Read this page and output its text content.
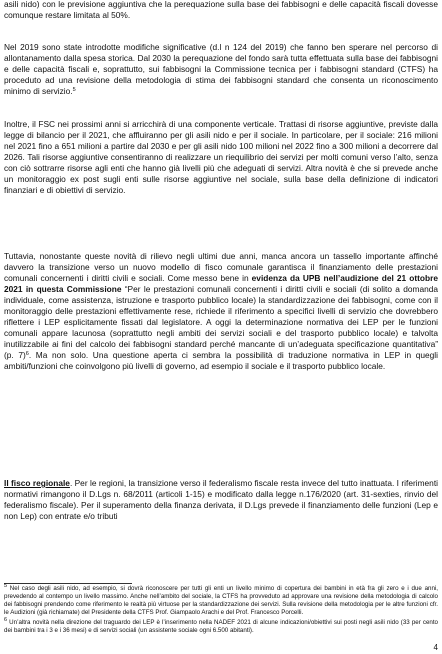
asili nido) con le previsione aggiuntiva che la perequazione sulla base dei fabbisogni e delle capacità fiscali dovesse comunque restare limitata al 50%.

Nel 2019 sono state introdotte modifiche significative (d.l n 124 del 2019) che fanno ben sperare nel percorso di allontanamento dalla spesa storica. Dal 2030 la perequazione del fondo sarà tutta effettuata sulla base dei fabbisogni e delle capacità fiscali e, soprattutto, sui fabbisogni la Commissione tecnica per i fabbisogni standard (CTFS) ha proceduto ad una revisione della metodologia di stima dei fabbisogni standard che consenta un riconoscimento minimo di servizio.$^5$

Inoltre, il FSC nei prossimi anni si arricchirà di una componente verticale. Trattasi di risorse aggiuntive, previste dalla legge di bilancio per il 2021, che affluiranno per gli asili nido e per il sociale. In particolare, per il sociale: 216 milioni nel 2021 fino a 651 milioni a partire dal 2030 e per gli asili nido 100 milioni nel 2022 fino a 300 milioni a decorrere dal 2026. Tali risorse aggiuntive consentiranno di realizzare un riequilibrio dei servizi per molti comuni verso l’alto, senza con ciò sottrarre risorse agli enti che hanno già livelli più che adeguati di servizi. Altra novità è che si prevede anche un monitoraggio ex post sugli enti sulle risorse aggiuntive nel sociale, sulla base della definizione di indicatori finanziari e di obiettivi di servizio.

Tuttavia, nonostante queste novità di rilievo negli ultimi due anni, manca ancora un tassello importante affinché davvero la transizione verso un nuovo modello di fisco comunale garantisca il finanziamento delle prestazioni comunali concernenti i diritti civili e sociali. Come messo bene in evidenza da UPB nell’audizione del 21 ottobre 2021 in questa Commissione “Per le prestazioni comunali concernenti i diritti civili e sociali (di solito a domanda individuale, come assistenza, istruzione e trasporto pubblico locale) la standardizzazione dei fabbisogni, come con il monitoraggio delle prestazioni effettivamente rese, richiede il riferimento a specifici livelli di servizio che dovrebbero riflettere i LEP esplicitamente fissati dal legislatore. A oggi la determinazione normativa dei LEP per le funzioni comunali appare lacunosa (soprattutto negli ambiti dei servizi sociali e del trasporto pubblico locale) e talvolta inutilizzabile ai fini del calcolo dei fabbisogni standard perché mancante di un’adeguata specificazione quantitativa” (p. 7)$^6$. Ma non solo. Una questione aperta ci sembra la possibilità di traduzione normativa in LEP in quegli ambiti/funzioni che coinvolgono più livelli di governo, ad esempio il sociale e il trasporto pubblico locale.

Il fisco regionale. Per le regioni, la transizione verso il federalismo fiscale resta invece del tutto inattuata. I riferimenti normativi rimangono il D.Lgs n. 68/2011 (articoli 1-15) e modificato dalla legge n.176/2020 (art. 31-sexties, rinvio del federalismo fiscale). Per il superamento della finanza derivata, il D.Lgs prevede il finanziamento delle funzioni (Lep e non Lep) con entrate e/o tributi

$^5$ Nel caso degli asili nido, ad esempio, si dovrà riconoscere per tutti gli enti un livello minimo di copertura dei bambini in età fra gli zero e i due anni, prevedendo al contempo un livello massimo. Anche nell’ambito del sociale, la CTFS ha provveduto ad approvare una revisione della metodologia di calcolo dei fabbisogni prendendo come riferimento le realtà più virtuose per la standardizzazione dei servizi. Sulla revisione della metodologia per le altre funzioni cfr. le Audizioni (già richiamate) del Presidente della CTFS Prof. Giampaolo Arachi e del Prof. Francesco Porcelli.

$^6$ Un’altra novità nella direzione del traguardo dei LEP è l’inserimento nella NADEF 2021 di alcune indicazioni/obiettivi sui posti negli asili nido (33 per cento dei bambini tra i 3 e i 36 mesi) e di servizi sociali (un assistente sociale ogni 6.500 abitanti).

4
